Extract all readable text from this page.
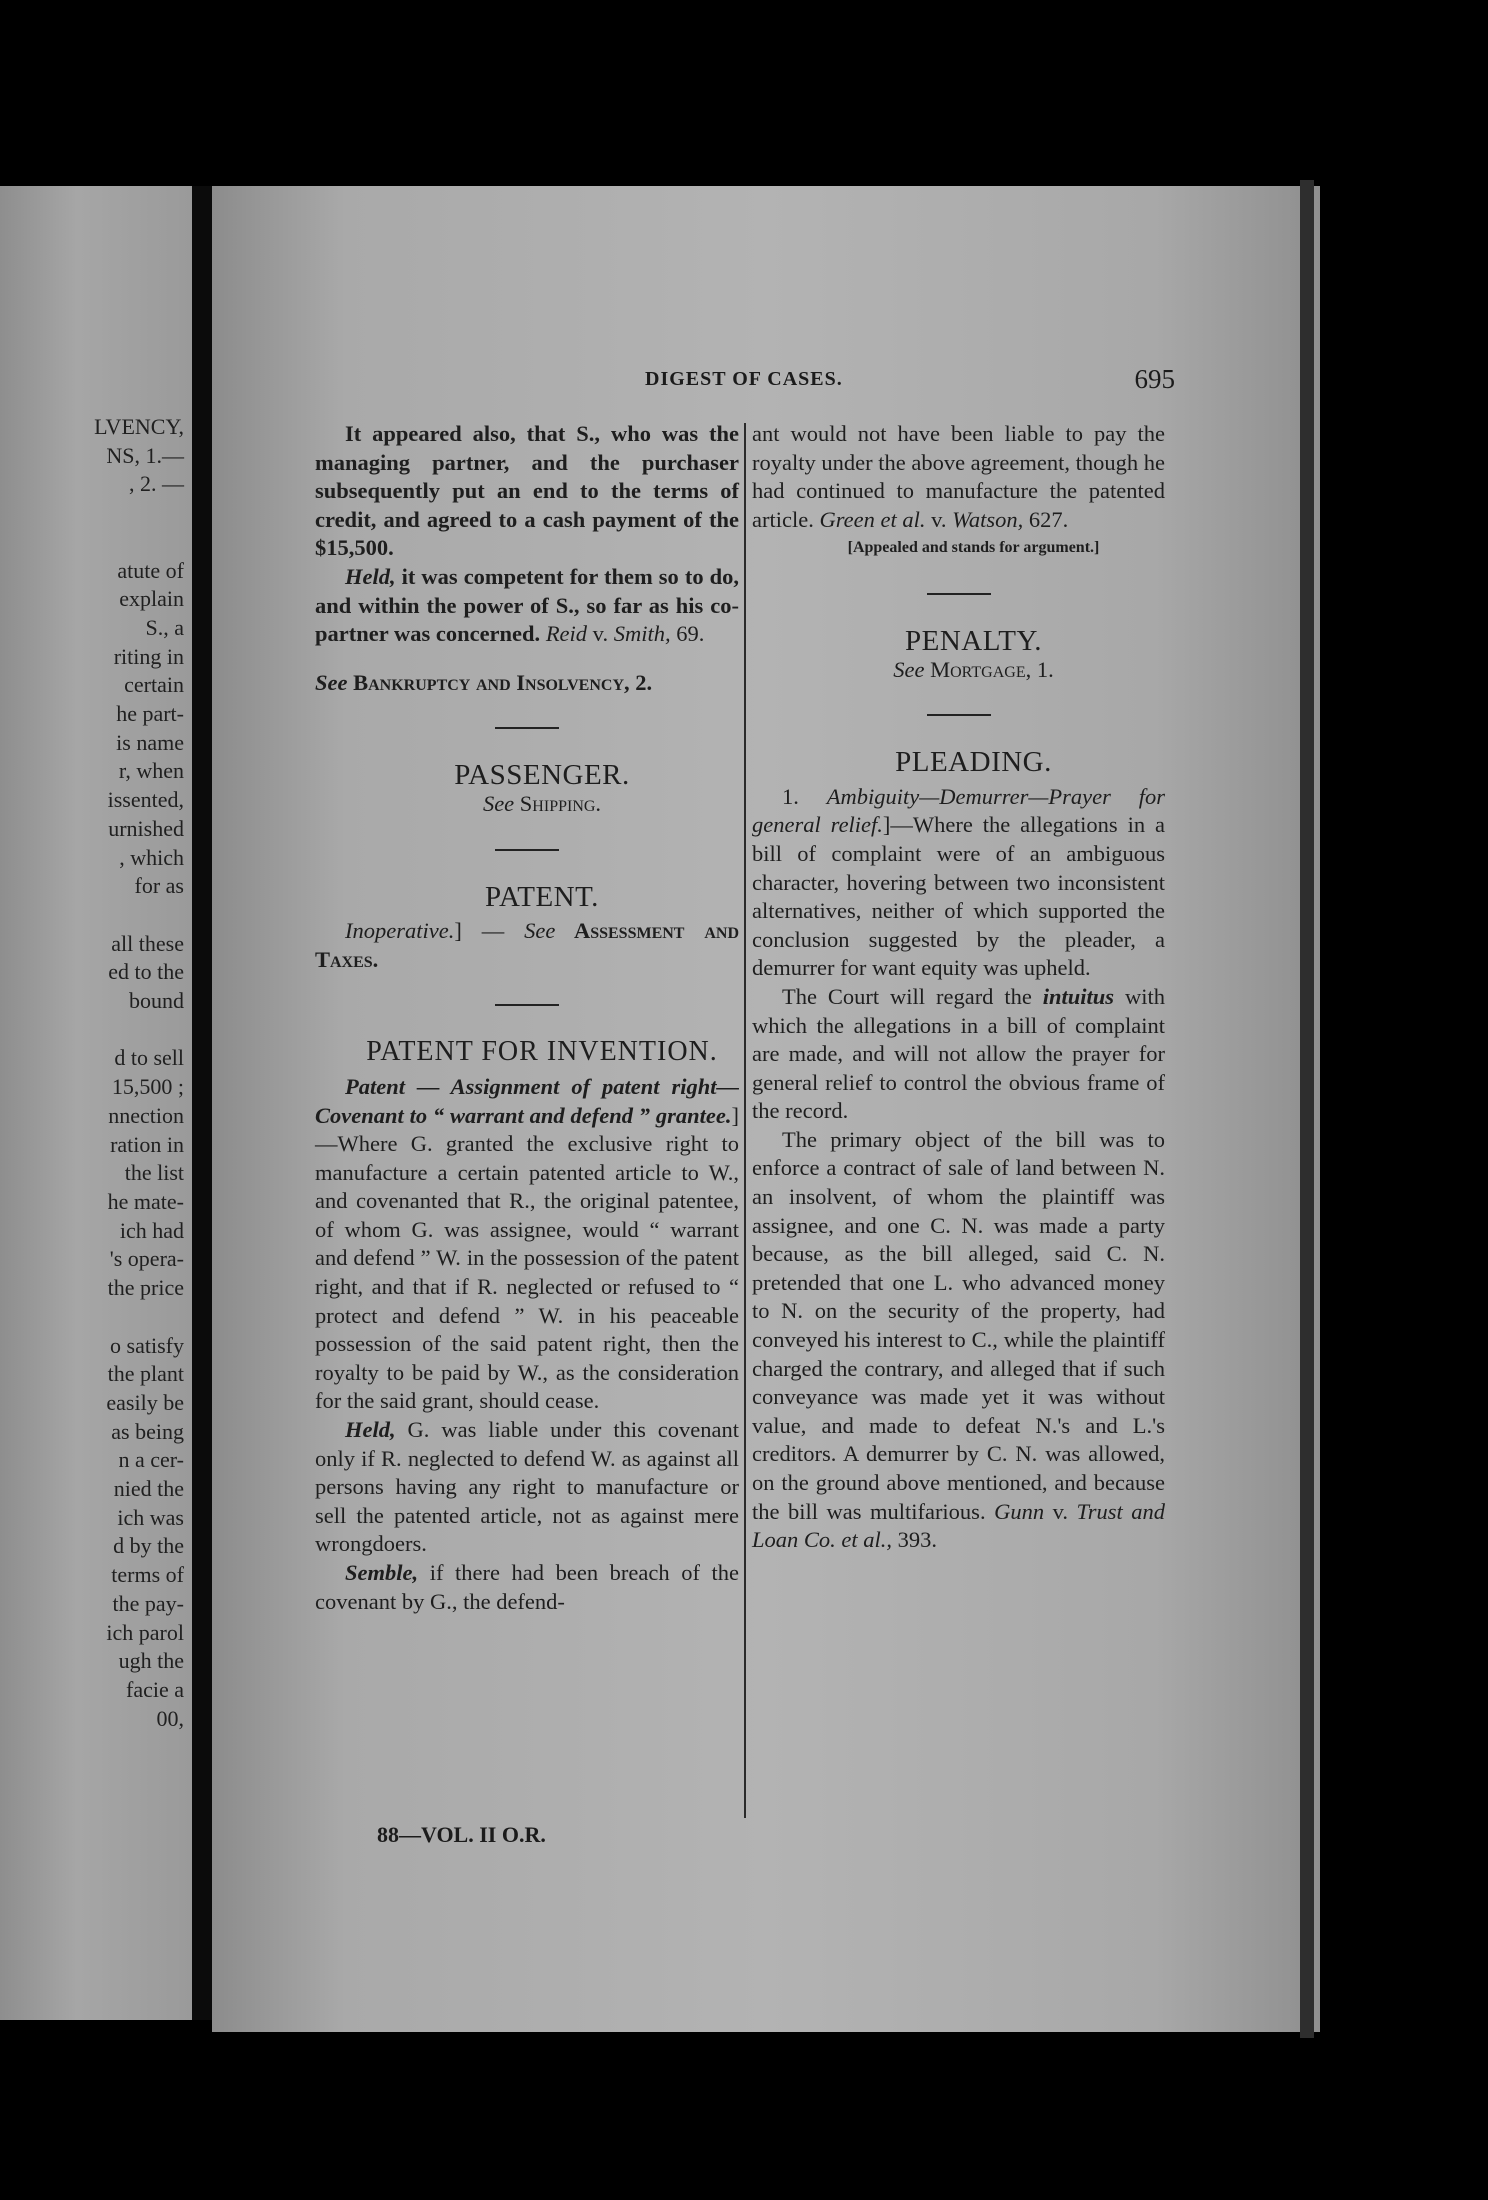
LVENCY,
NS, 1.—
, 2. —

atute of
explain
S., a
riting in
certain
he part-
is name
r, when
issented,
urnished
, which
for as

all these
ed to the
bound

d to sell
15,500 ;
nnection
ration in
the list
he mate-
ich had
's opera-
the price

o satisfy
the plant
easily be
as being
n a cer-
nied the
ich was
d by the
terms of
the pay-
ich parol
ugh the
facie a
00,
DIGEST OF CASES.	695

It appeared also, that S., who was the managing partner, and the purchaser subsequently put an end to the terms of credit, and agreed to a cash payment of the $15,500.

Held, it was competent for them so to do, and within the power of S., so far as his co-partner was concerned. Reid v. Smith, 69.

See Bankruptcy and Insolvency, 2.

PASSENGER.

See Shipping.

PATENT.

Inoperative.] — See Assessment and Taxes.

PATENT FOR INVENTION.

Patent — Assignment of patent right—Covenant to “ warrant and defend ” grantee.]—Where G. granted the exclusive right to manufacture a certain patented article to W., and covenanted that R., the original patentee, of whom G. was assignee, would “ warrant and defend ” W. in the possession of the patent right, and that if R. neglected or refused to “ protect and defend ” W. in his peaceable possession of the said patent right, then the royalty to be paid by W., as the consideration for the said grant, should cease.

Held, G. was liable under this covenant only if R. neglected to defend W. as against all persons having any right to manufacture or sell the patented article, not as against mere wrongdoers.

Semble, if there had been breach of the covenant by G., the defend-

88—VOL. II O.R.

ant would not have been liable to pay the royalty under the above agreement, though he had continued to manufacture the patented article. Green et al. v. Watson, 627.

[Appealed and stands for argument.]

PENALTY.

See Mortgage, 1.

PLEADING.

1. Ambiguity—Demurrer—Prayer for general relief.]—Where the allegations in a bill of complaint were of an ambiguous character, hovering between two inconsistent alternatives, neither of which supported the conclusion suggested by the pleader, a demurrer for want equity was upheld.

The Court will regard the intuitus with which the allegations in a bill of complaint are made, and will not allow the prayer for general relief to control the obvious frame of the record.

The primary object of the bill was to enforce a contract of sale of land between N. an insolvent, of whom the plaintiff was assignee, and one C. N. was made a party because, as the bill alleged, said C. N. pretended that one L. who advanced money to N. on the security of the property, had conveyed his interest to C., while the plaintiff charged the contrary, and alleged that if such conveyance was made yet it was without value, and made to defeat N.'s and L.'s creditors. A demurrer by C. N. was allowed, on the ground above mentioned, and because the bill was multifarious. Gunn v. Trust and Loan Co. et al., 393.
